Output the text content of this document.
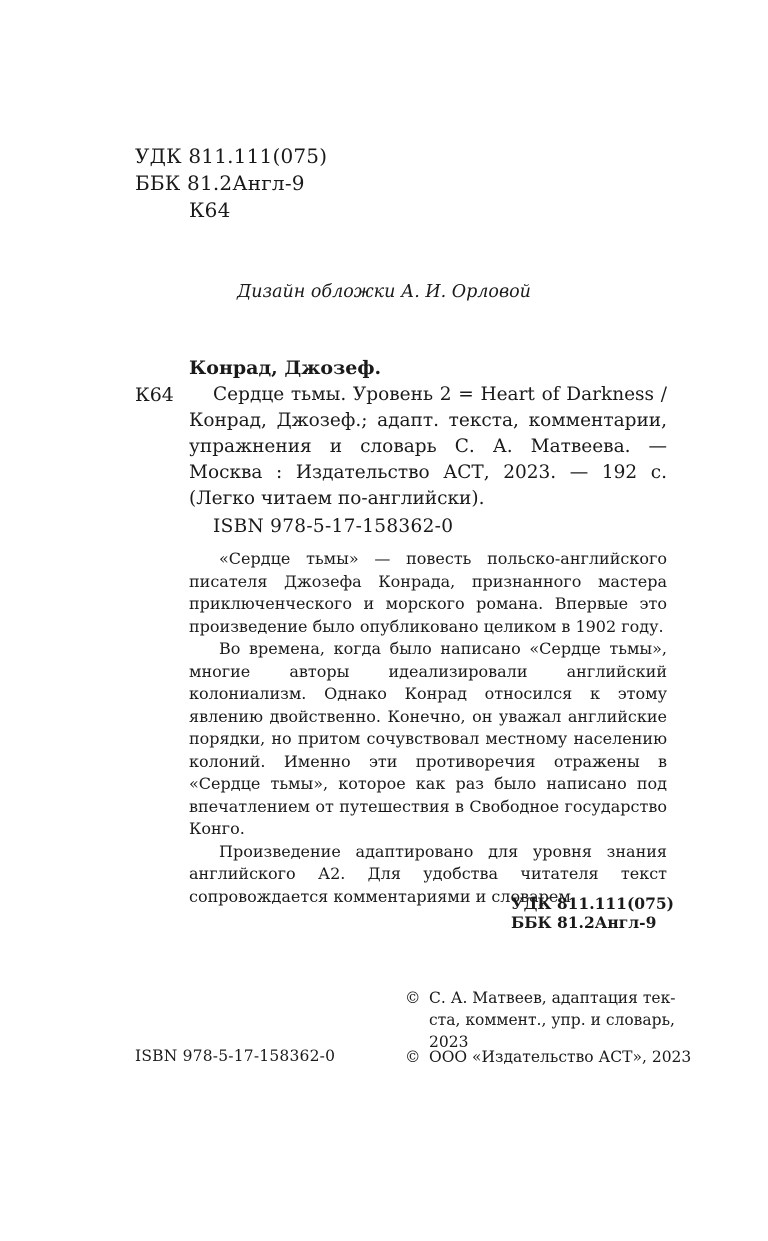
УДК 811.111(075)
ББК 81.2Англ-9
К64
Дизайн обложки А. И. Орловой
Конрад, Джозеф.
К64	Сердце тьмы. Уровень 2 = Heart of Darkness / Конрад, Джозеф.; адапт. текста, комментарии, упражнения и словарь С. А. Матвеева. — Москва : Издательство АСТ, 2023. — 192 с. (Легко читаем по-английски).
ISBN 978-5-17-158362-0

«Сердце тьмы» — повесть польско-английского писателя Джозефа Конрада, признанного мастера приключенческого и морского романа. Впервые это произведение было опубликовано целиком в 1902 году.

Во времена, когда было написано «Сердце тьмы», многие авторы идеализировали английский колониализм. Однако Конрад относился к этому явлению двойственно. Конечно, он уважал английские порядки, но притом сочувствовал местному населению колоний. Именно эти противоречия отражены в «Сердце тьмы», которое как раз было написано под впечатлением от путешествия в Свободное государство Конго.

Произведение адаптировано для уровня знания английского А2. Для удобства читателя текст сопровождается комментариями и словарем.

УДК 811.111(075)
ББК 81.2Англ-9
© С. А. Матвеев, адаптация тек-
ста, коммент., упр. и словарь,
2023
© ООО «Издательство АСТ», 2023
ISBN 978-5-17-158362-0
